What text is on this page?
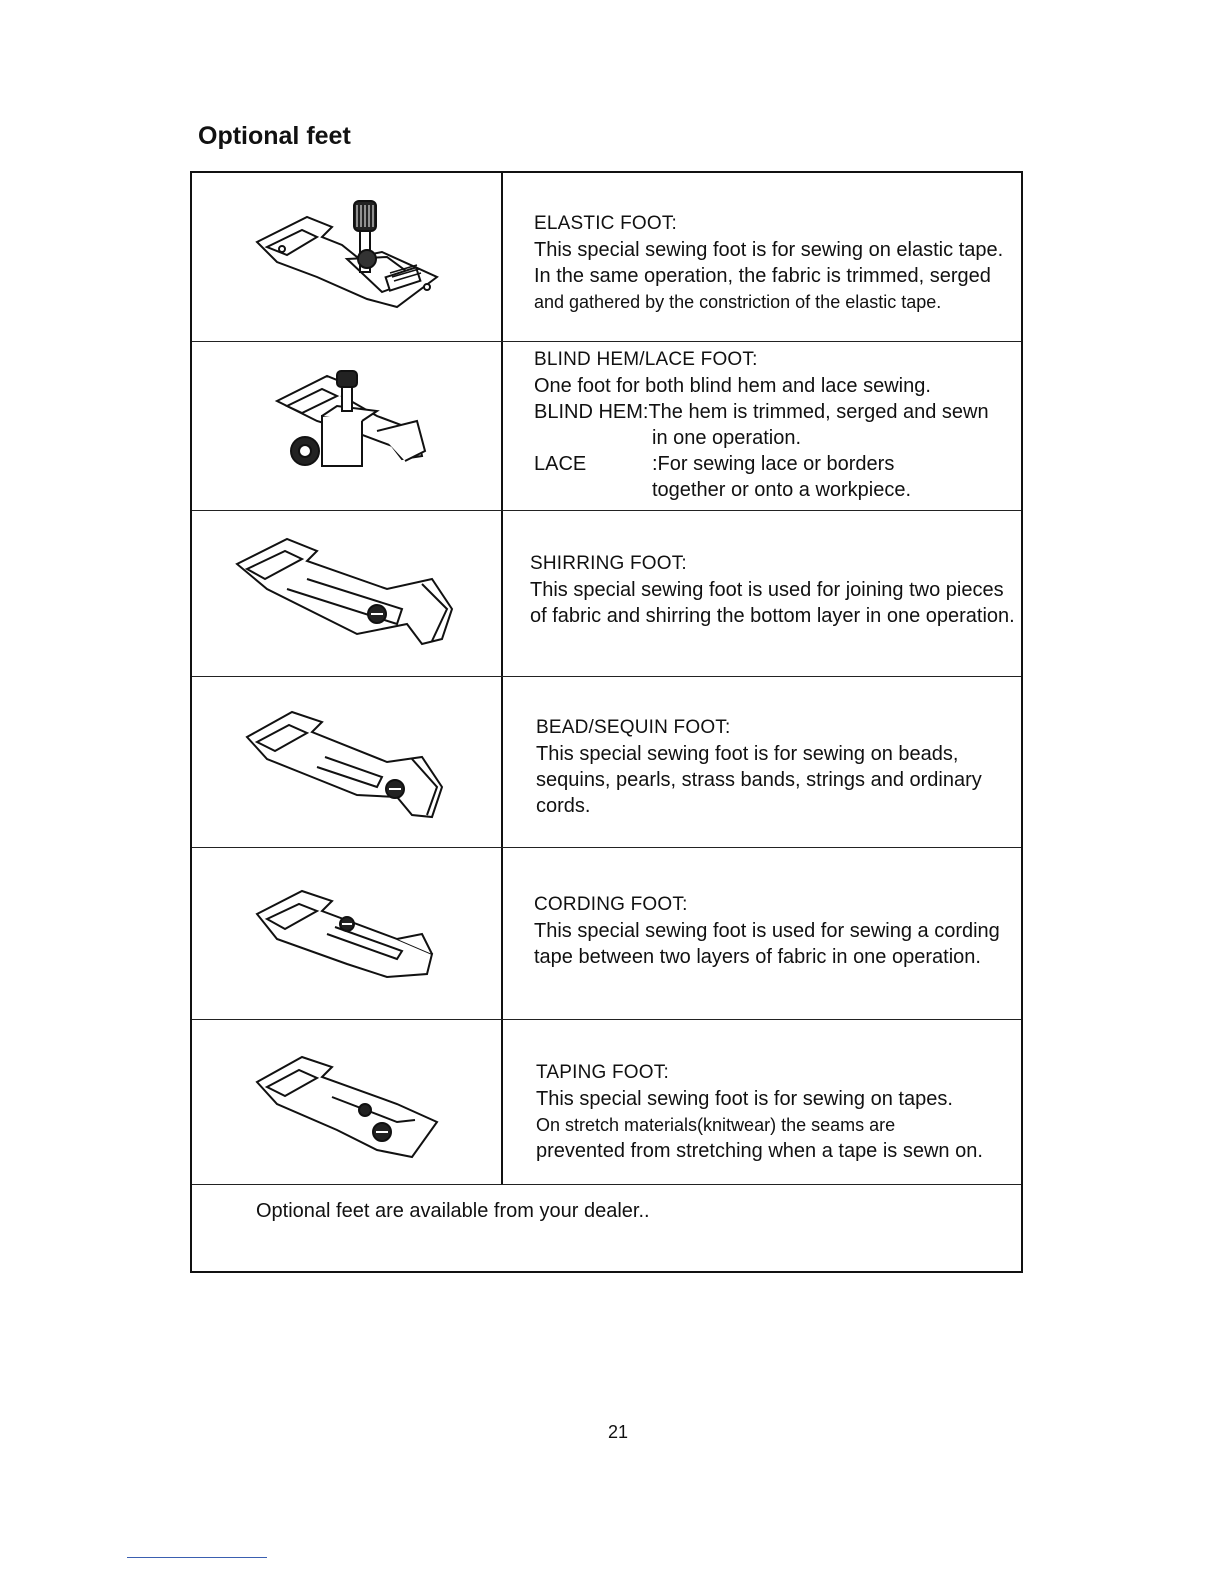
Optional feet
ELASTIC FOOT:
This special sewing foot is for sewing on elastic tape.
In the same operation, the fabric is trimmed, serged
and gathered by the constriction of the elastic tape.
BLIND HEM/LACE FOOT:
One foot for both blind hem and lace sewing.
BLIND HEM:The hem is trimmed, serged and sewn
in one operation.
LACE	:For sewing lace or borders
together or onto a workpiece.
SHIRRING FOOT:
This special sewing foot is used for joining two pieces
of fabric and shirring the bottom layer in one operation.
BEAD/SEQUIN FOOT:
This special sewing foot is for sewing on beads,
sequins, pearls, strass bands, strings and ordinary
cords.
CORDING FOOT:
This special sewing foot is used for sewing a cording
tape between two layers of fabric in one operation.
TAPING FOOT:
This special sewing foot is for sewing on tapes.
On stretch materials(knitwear) the seams are
prevented from stretching when a tape is sewn on.
Optional feet are available from your dealer..
21
